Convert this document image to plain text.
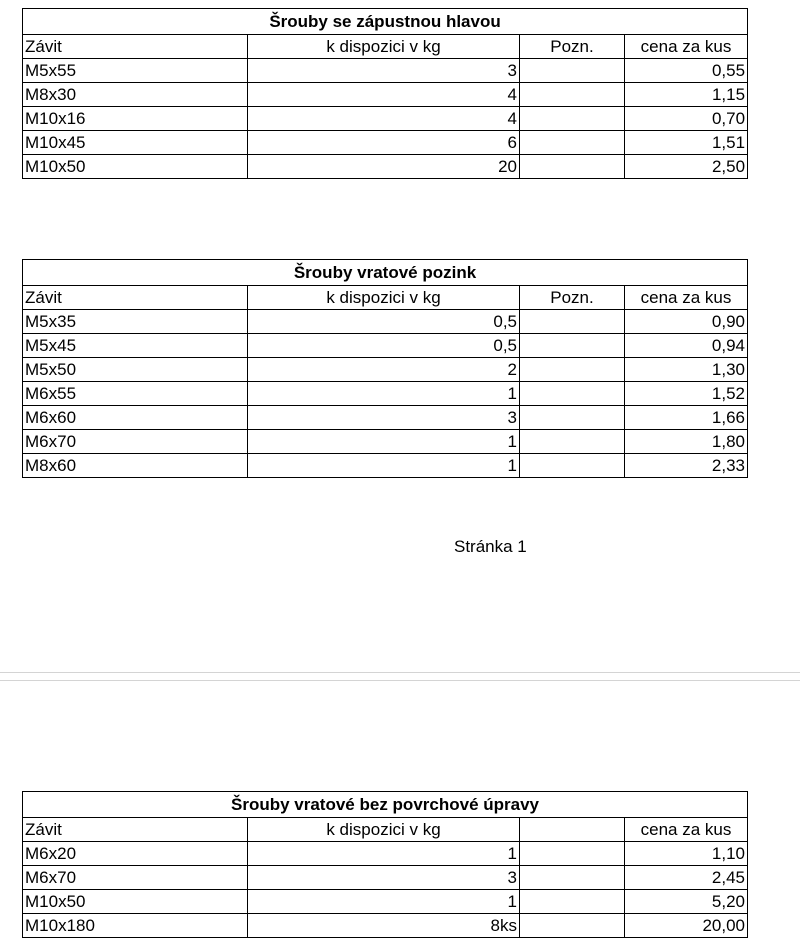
Šrouby se zápustnou hlavou			
Závit	k dispozici v kg	Pozn.	cena za kus
M5x55	3		0,55
M8x30	4		1,15
M10x16	4		0,70
M10x45	6		1,51
M10x50	20		2,50
Šrouby vratové pozink			
Závit	k dispozici v kg	Pozn.	cena za kus
M5x35	0,5		0,90
M5x45	0,5		0,94
M5x50	2		1,30
M6x55	1		1,52
M6x60	3		1,66
M6x70	1		1,80
M8x60	1		2,33
Stránka 1
Šrouby vratové bez povrchové úpravy			
Závit	k dispozici v kg		cena za kus
M6x20	1		1,10
M6x70	3		2,45
M10x50	1		5,20
M10x180	8ks		20,00
